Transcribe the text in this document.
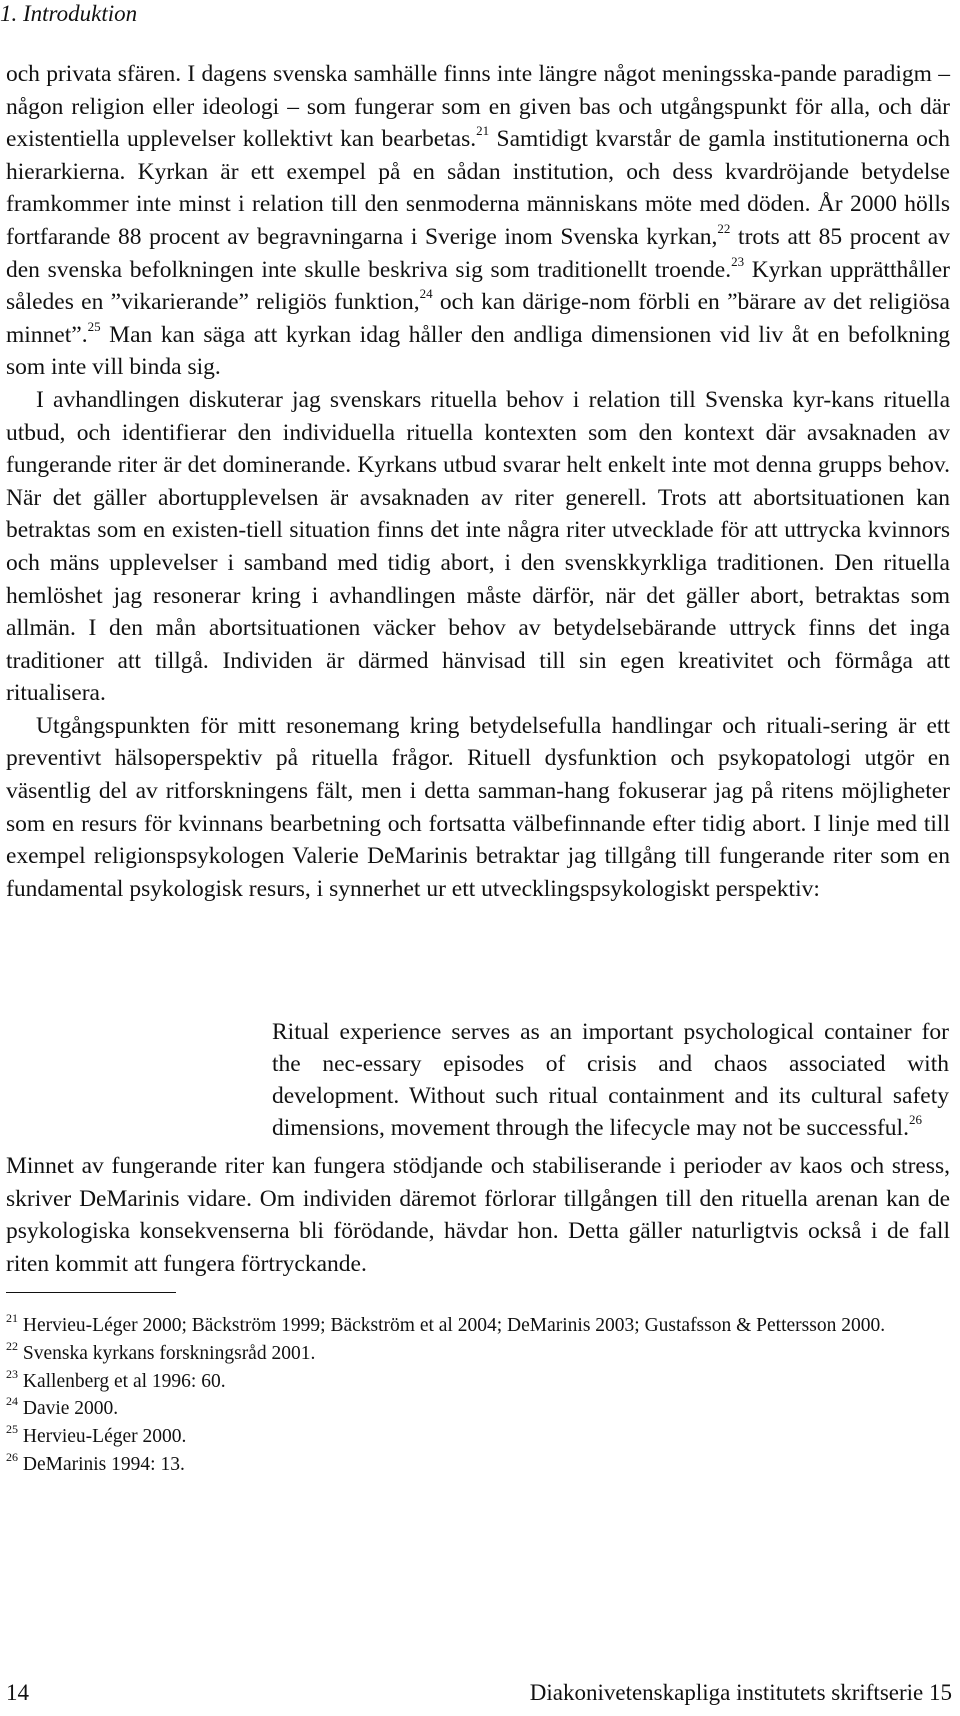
1. Introduktion

och privata sfären. I dagens svenska samhälle finns inte längre något meningsska-pande paradigm – någon religion eller ideologi – som fungerar som en given bas och utgångspunkt för alla, och där existentiella upplevelser kollektivt kan bearbetas.$^{21}$ Samtidigt kvarstår de gamla institutionerna och hierarkierna. Kyrkan är ett exempel på en sådan institution, och dess kvardröjande betydelse framkommer inte minst i relation till den senmoderna människans möte med döden. År 2000 hölls fortfarande 88 procent av begravningarna i Sverige inom Svenska kyrkan,$^{22}$ trots att 85 procent av den svenska befolkningen inte skulle beskriva sig som traditionellt troende.$^{23}$ Kyrkan upprätthåller således en ”vikarierande” religiös funktion,$^{24}$ och kan därige-nom förbli en ”bärare av det religiösa minnet”.$^{25}$ Man kan säga att kyrkan idag håller den andliga dimensionen vid liv åt en befolkning som inte vill binda sig.

I avhandlingen diskuterar jag svenskars rituella behov i relation till Svenska kyr-kans rituella utbud, och identifierar den individuella rituella kontexten som den kontext där avsaknaden av fungerande riter är det dominerande. Kyrkans utbud svarar helt enkelt inte mot denna grupps behov. När det gäller abortupplevelsen är avsaknaden av riter generell. Trots att abortsituationen kan betraktas som en existen-tiell situation finns det inte några riter utvecklade för att uttrycka kvinnors och mäns upplevelser i samband med tidig abort, i den svenskkyrkliga traditionen. Den rituella hemlöshet jag resonerar kring i avhandlingen måste därför, när det gäller abort, betraktas som allmän. I den mån abortsituationen väcker behov av betydelsebärande uttryck finns det inga traditioner att tillgå. Individen är därmed hänvisad till sin egen kreativitet och förmåga att ritualisera.

Utgångspunkten för mitt resonemang kring betydelsefulla handlingar och rituali-sering är ett preventivt hälsoperspektiv på rituella frågor. Rituell dysfunktion och psykopatologi utgör en väsentlig del av ritforskningens fält, men i detta samman-hang fokuserar jag på ritens möjligheter som en resurs för kvinnans bearbetning och fortsatta välbefinnande efter tidig abort. I linje med till exempel religionspsykologen Valerie DeMarinis betraktar jag tillgång till fungerande riter som en fundamental psykologisk resurs, i synnerhet ur ett utvecklingspsykologiskt perspektiv:

Ritual experience serves as an important psychological container for the nec-essary episodes of crisis and chaos associated with development. Without such ritual containment and its cultural safety dimensions, movement through the lifecycle may not be successful.$^{26}$
Minnet av fungerande riter kan fungera stödjande och stabiliserande i perioder av kaos och stress, skriver DeMarinis vidare. Om individen däremot förlorar tillgången till den rituella arenan kan de psykologiska konsekvenserna bli förödande, hävdar hon. Detta gäller naturligtvis också i de fall riten kommit att fungera förtryckande.

$^{21}$ Hervieu-Léger 2000; Bäckström 1999; Bäckström et al 2004; DeMarinis 2003; Gustafsson & Pettersson 2000.

$^{22}$ Svenska kyrkans forskningsråd 2001.

$^{23}$ Kallenberg et al 1996: 60.

$^{24}$ Davie 2000.

$^{25}$ Hervieu-Léger 2000.

$^{26}$ DeMarinis 1994: 13.

14	Diakonivetenskapliga institutets skriftserie 15
